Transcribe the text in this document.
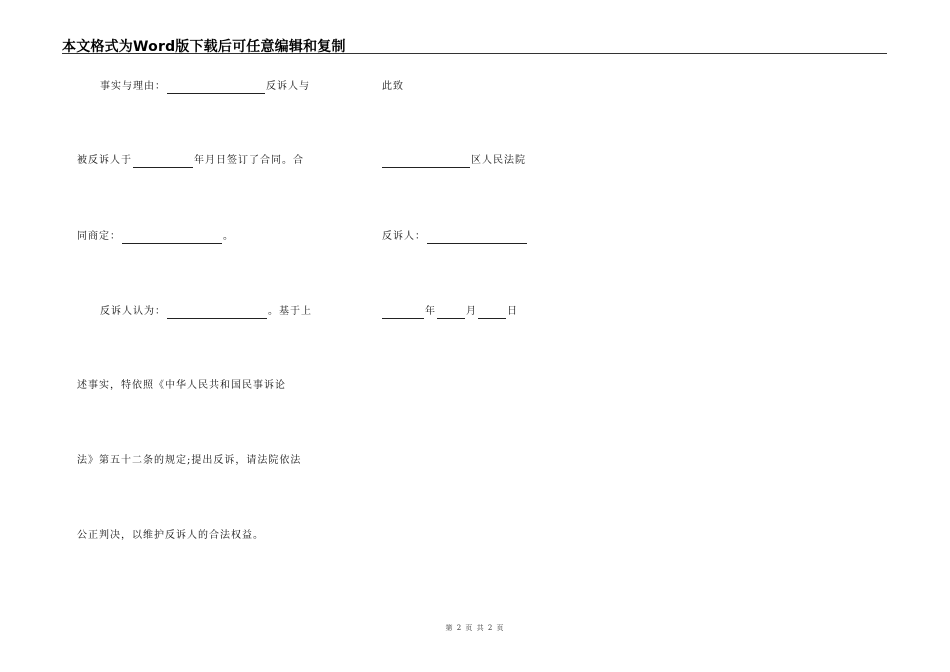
本文格式为Word版下载后可任意编辑和复制
事实与理由：	反诉人与
被反诉人于	年月日签订了合同。合
同商定：	。
反诉人认为：	。基于上
述事实，特依照《中华人民共和国民事诉论
法》第五十二条的规定;提出反诉，请法院依法
公正判决，以维护反诉人的合法权益。
此致
区人民法院
反诉人：
年	月	日
第 2 页 共 2 页
